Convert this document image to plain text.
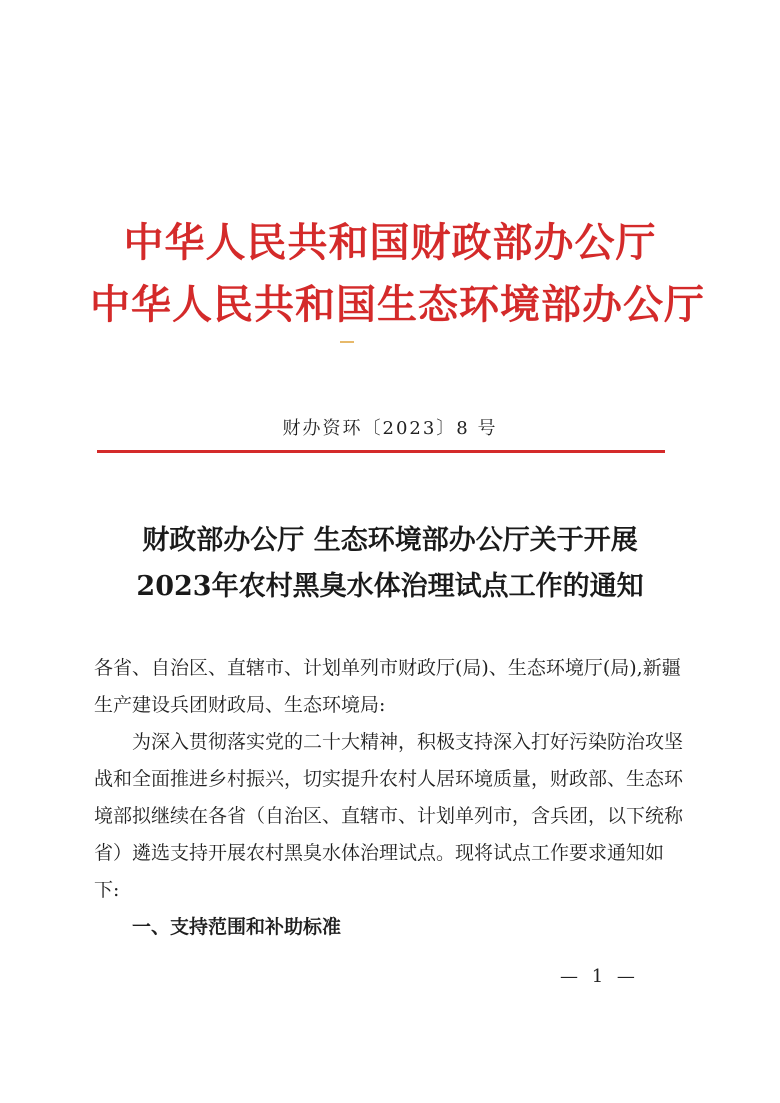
中华人民共和国财政部办公厅
中华人民共和国生态环境部办公厅
财办资环〔2023〕8 号
财政部办公厅 生态环境部办公厅关于开展
2023年农村黑臭水体治理试点工作的通知

各省、自治区、直辖市、计划单列市财政厅(局)、生态环境厅(局),新疆生产建设兵团财政局、生态环境局:

为深入贯彻落实党的二十大精神，积极支持深入打好污染防治攻坚战和全面推进乡村振兴，切实提升农村人居环境质量，财政部、生态环境部拟继续在各省（自治区、直辖市、计划单列市，含兵团，以下统称省）遴选支持开展农村黑臭水体治理试点。现将试点工作要求通知如下:

一、支持范围和补助标准

— 1 —
